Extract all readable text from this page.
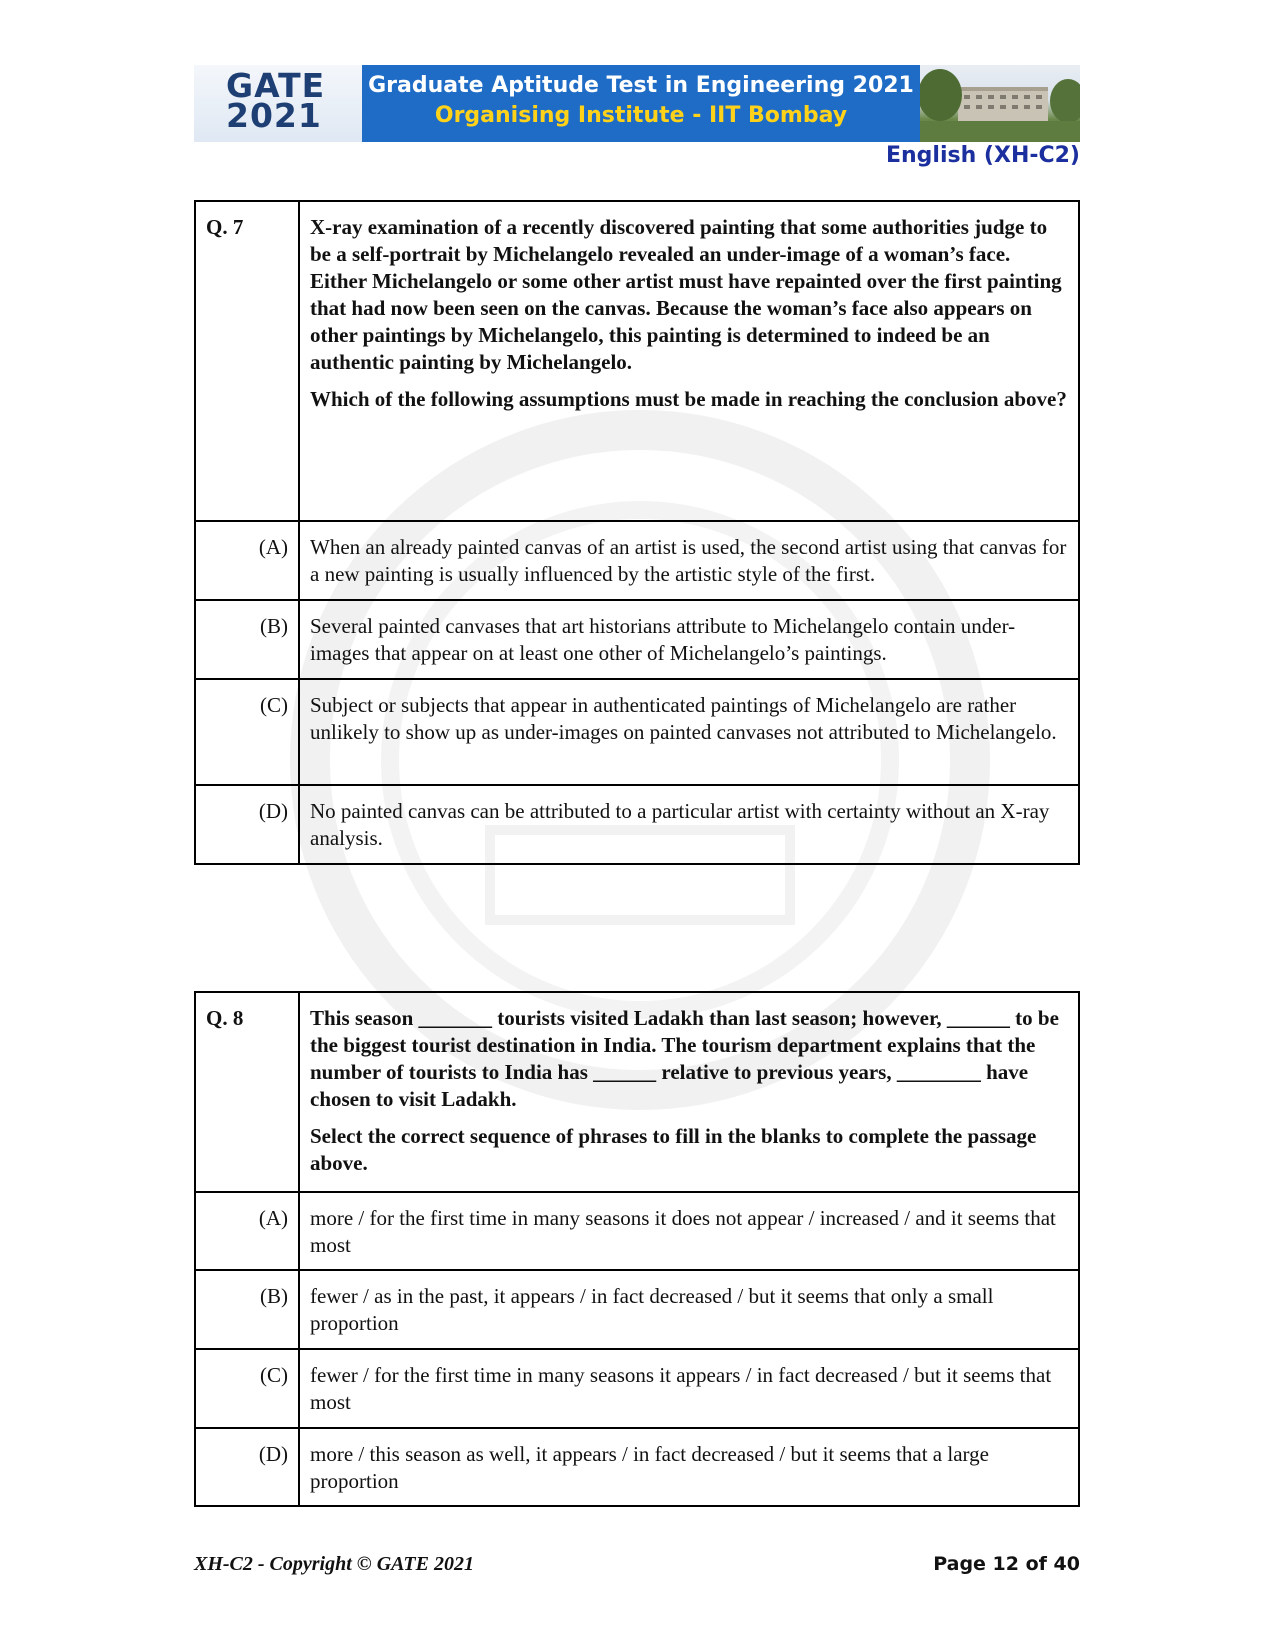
GATE
2021
Graduate Aptitude Test in Engineering 2021
Organising Institute - IIT Bombay
English (XH-C2)
Q. 7	X-ray examination of a recently discovered painting that some authorities judge to be a self-portrait by Michelangelo revealed an under-image of a woman’s face. Either Michelangelo or some other artist must have repainted over the first painting that had now been seen on the canvas. Because the woman’s face also appears on other paintings by Michelangelo, this painting is determined to indeed be an authentic painting by Michelangelo.

Which of the following assumptions must be made in reaching the conclusion above?

(A)	When an already painted canvas of an artist is used, the second artist using that canvas for a new painting is usually influenced by the artistic style of the first.
(B)	Several painted canvases that art historians attribute to Michelangelo contain under-images that appear on at least one other of Michelangelo’s paintings.
(C)	Subject or subjects that appear in authenticated paintings of Michelangelo are rather unlikely to show up as under-images on painted canvases not attributed to Michelangelo.
(D)	No painted canvas can be attributed to a particular artist with certainty without an X-ray analysis.
Q. 8	This season _______ tourists visited Ladakh than last season; however, ______ to be the biggest tourist destination in India. The tourism department explains that the number of tourists to India has ______ relative to previous years, ________ have chosen to visit Ladakh.

Select the correct sequence of phrases to fill in the blanks to complete the passage above.

(A)	more / for the first time in many seasons it does not appear / increased / and it seems that most
(B)	fewer / as in the past, it appears / in fact decreased / but it seems that only a small proportion
(C)	fewer / for the first time in many seasons it appears / in fact decreased / but it seems that most
(D)	more / this season as well, it appears / in fact decreased / but it seems that a large proportion
XH-C2 - Copyright © GATE 2021	Page 12 of 40
